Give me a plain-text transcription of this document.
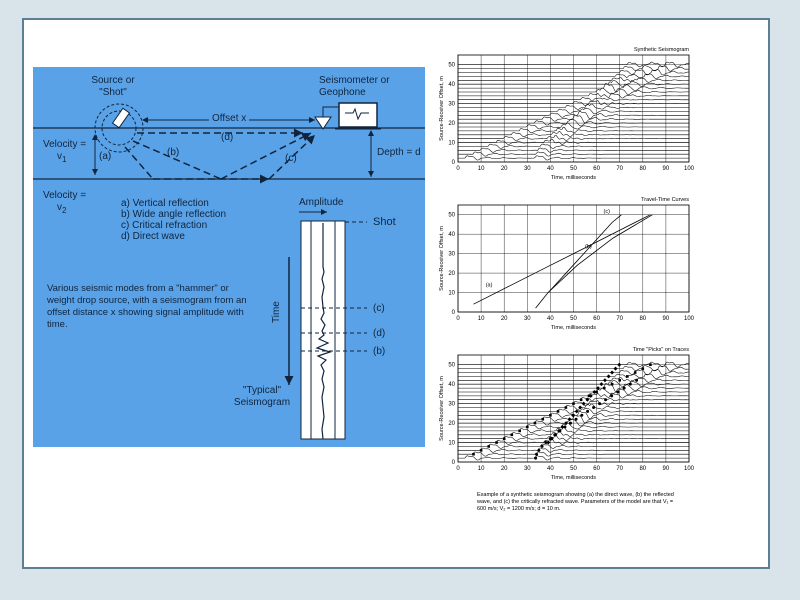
Source or "Shot"
Seismometer or Geophone
Offset x
(d)
(a)	(b)
(c)
Velocity =
$v_1$
Depth = d
Velocity =
$v_2$
a) Vertical reflection
b) Wide angle reflection
c) Critical refraction
d) Direct wave
Various seismic modes from a "hammer" or weight drop source, with a seismogram from an offset distance x showing signal amplitude with time.
Amplitude
Shot
Time	(c)
(d)
(b)
"Typical" Seismogram
0	10	20	30	40	50	60	70	80	90 100
0
10
20
30
40
50
Synthetic Seismogram
Time, milliseconds
Source-Receiver Offset, m
0	10	20	30	40	50	60	70	80	90 100
0
10
20
30
40
50
Travel-Time Curves
Time, milliseconds
Source-Receiver Offset, m	(a)
(b)
(c)
0	10	20	30	40	50	60	70	80	90 100
0
10
20
30
40
50
Time "Picks" on Traces
Time, milliseconds
Source-Receiver Offset, m
Example of a synthetic seismogram showing (a) the direct wave, (b) the reflected wave, and (c) the critically refracted wave. Parameters of the model are that V₁ = 600 m/s; V₂ = 1200 m/s; d = 10 m.
